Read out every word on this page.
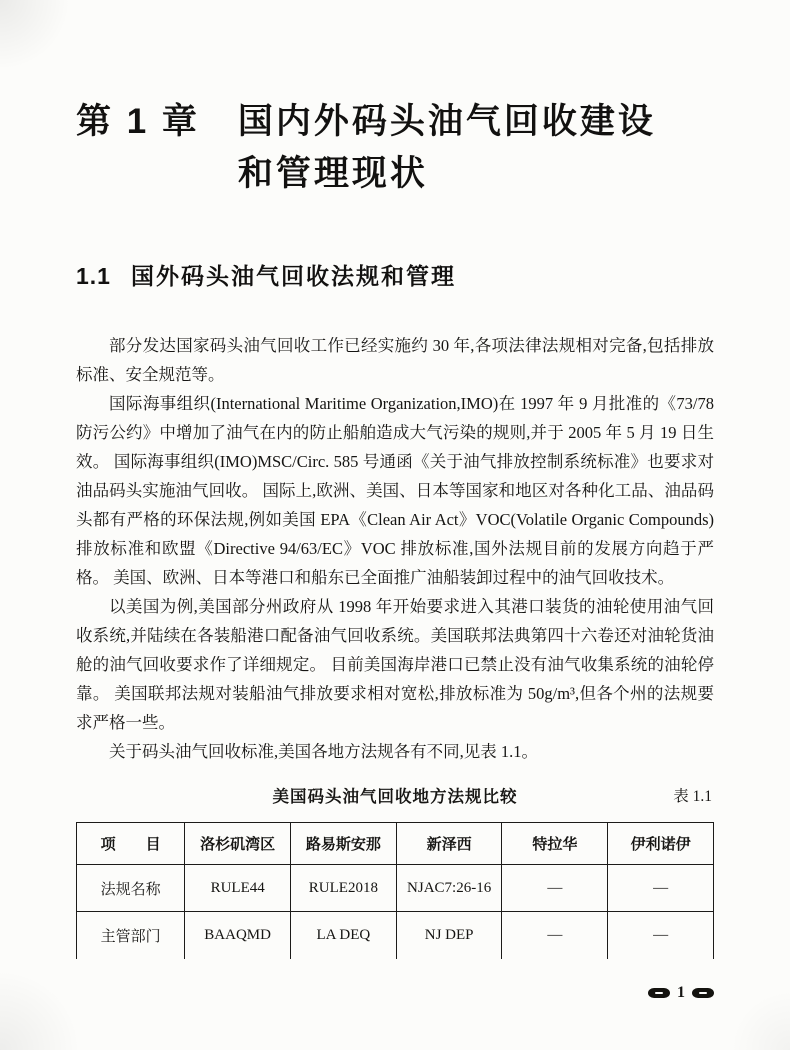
第 1 章 国内外码头油气回收建设
和管理现状
1.1 国外码头油气回收法规和管理

部分发达国家码头油气回收工作已经实施约 30 年,各项法律法规相对完备,包括排放标准、安全规范等。

国际海事组织(International Maritime Organization,IMO)在 1997 年 9 月批准的《73/78 防污公约》中增加了油气在内的防止船舶造成大气污染的规则,并于 2005 年 5 月 19 日生效。 国际海事组织(IMO)MSC/Circ. 585 号通函《关于油气排放控制系统标准》也要求对油品码头实施油气回收。 国际上,欧洲、美国、日本等国家和地区对各种化工品、油品码头都有严格的环保法规,例如美国 EPA《Clean Air Act》VOC(Volatile Organic Compounds)排放标准和欧盟《Directive 94/63/EC》VOC 排放标准,国外法规目前的发展方向趋于严格。 美国、欧洲、日本等港口和船东已全面推广油船装卸过程中的油气回收技术。

以美国为例,美国部分州政府从 1998 年开始要求进入其港口装货的油轮使用油气回收系统,并陆续在各装船港口配备油气回收系统。美国联邦法典第四十六卷还对油轮货油舱的油气回收要求作了详细规定。 目前美国海岸港口已禁止没有油气收集系统的油轮停靠。 美国联邦法规对装船油气排放要求相对宽松,排放标准为 50g/m³,但各个州的法规要求严格一些。

关于码头油气回收标准,美国各地方法规各有不同,见表 1.1。

美国码头油气回收地方法规比较	表 1.1
项　　目	洛杉矶湾区	路易斯安那	新泽西	特拉华	伊利诺伊
法规名称	RULE44	RULE2018	NJAC7:26-16	—	—
主管部门	BAAQMD	LA DEQ	NJ DEP	—	—
1
